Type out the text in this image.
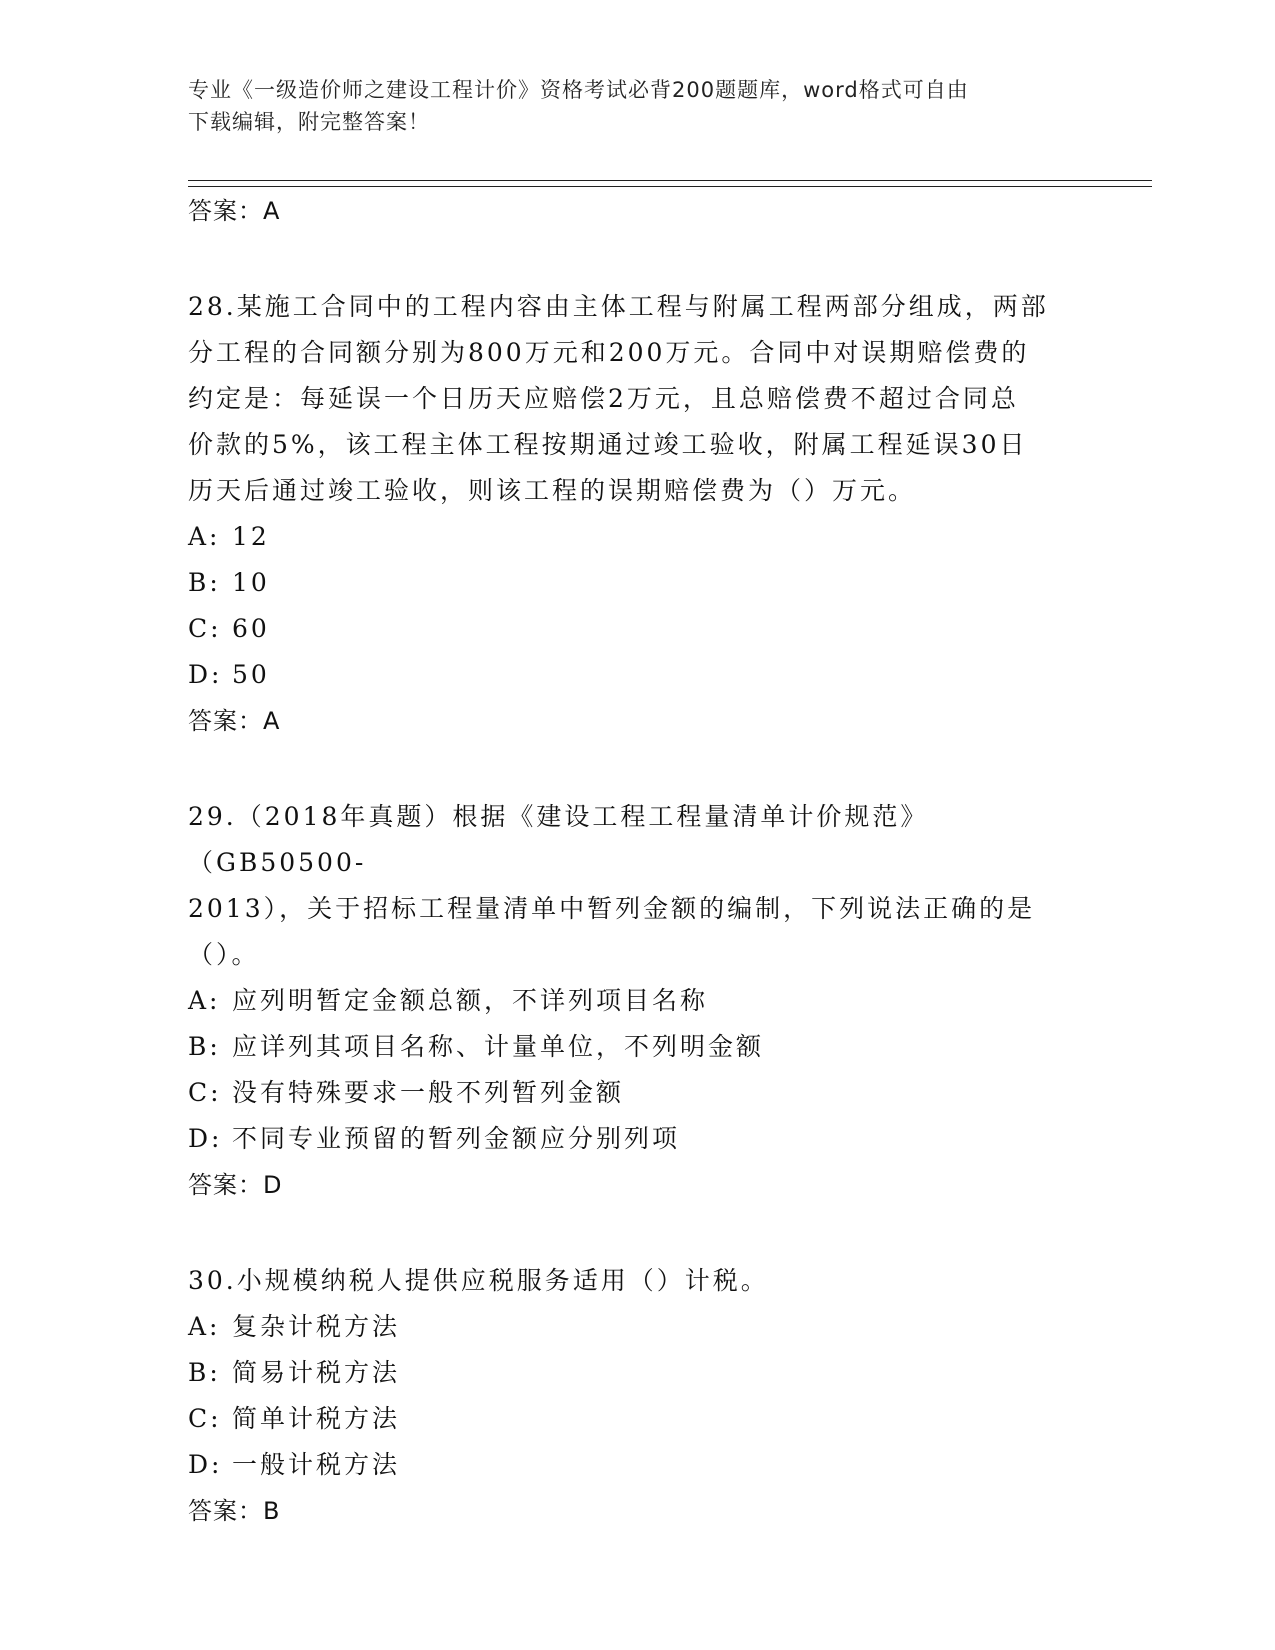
专业《一级造价师之建设工程计价》资格考试必背200题题库，word格式可自由
下载编辑，附完整答案！
答案：A
28.某施工合同中的工程内容由主体工程与附属工程两部分组成，两部
分工程的合同额分别为800万元和200万元。合同中对误期赔偿费的
约定是：每延误一个日历天应赔偿2万元，且总赔偿费不超过合同总
价款的5%，该工程主体工程按期通过竣工验收，附属工程延误30日
历天后通过竣工验收，则该工程的误期赔偿费为（）万元。
A: 12
B: 10
C: 60
D: 50
答案：A
29.（2018年真题）根据《建设工程工程量清单计价规范》（GB50500-
2013），关于招标工程量清单中暂列金额的编制，下列说法正确的是
（）。
A: 应列明暂定金额总额，不详列项目名称
B: 应详列其项目名称、计量单位，不列明金额
C: 没有特殊要求一般不列暂列金额
D: 不同专业预留的暂列金额应分别列项
答案：D
30.小规模纳税人提供应税服务适用（）计税。
A: 复杂计税方法
B: 简易计税方法
C: 简单计税方法
D: 一般计税方法
答案：B
